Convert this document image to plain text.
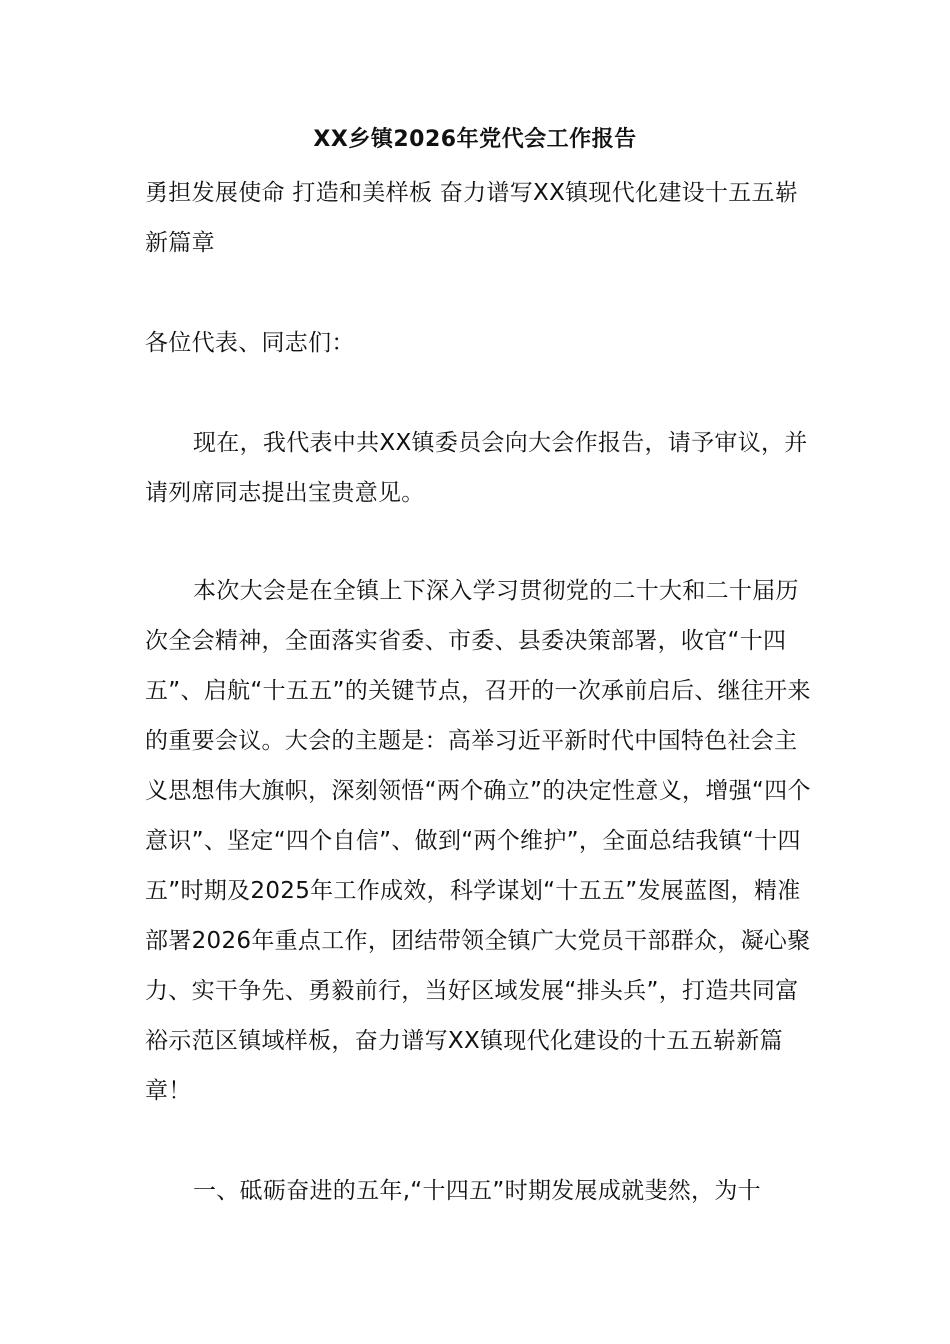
XX乡镇2026年党代会工作报告

勇担发展使命 打造和美样板 奋力谱写XX镇现代化建设十五五崭新篇章

各位代表、同志们：

现在，我代表中共XX镇委员会向大会作报告，请予审议，并请列席同志提出宝贵意见。

本次大会是在全镇上下深入学习贯彻党的二十大和二十届历次全会精神，全面落实省委、市委、县委决策部署，收官“十四五”、启航“十五五”的关键节点，召开的一次承前启后、继往开来的重要会议。大会的主题是：高举习近平新时代中国特色社会主义思想伟大旗帜，深刻领悟“两个确立”的决定性意义，增强“四个意识”、坚定“四个自信”、做到“两个维护”，全面总结我镇“十四五”时期及2025年工作成效，科学谋划“十五五”发展蓝图，精准部署2026年重点工作，团结带领全镇广大党员干部群众，凝心聚力、实干争先、勇毅前行，当好区域发展“排头兵”，打造共同富裕示范区镇域样板，奋力谱写XX镇现代化建设的十五五崭新篇章！

一、砥砺奋进的五年,“十四五”时期发展成就斐然，为十
